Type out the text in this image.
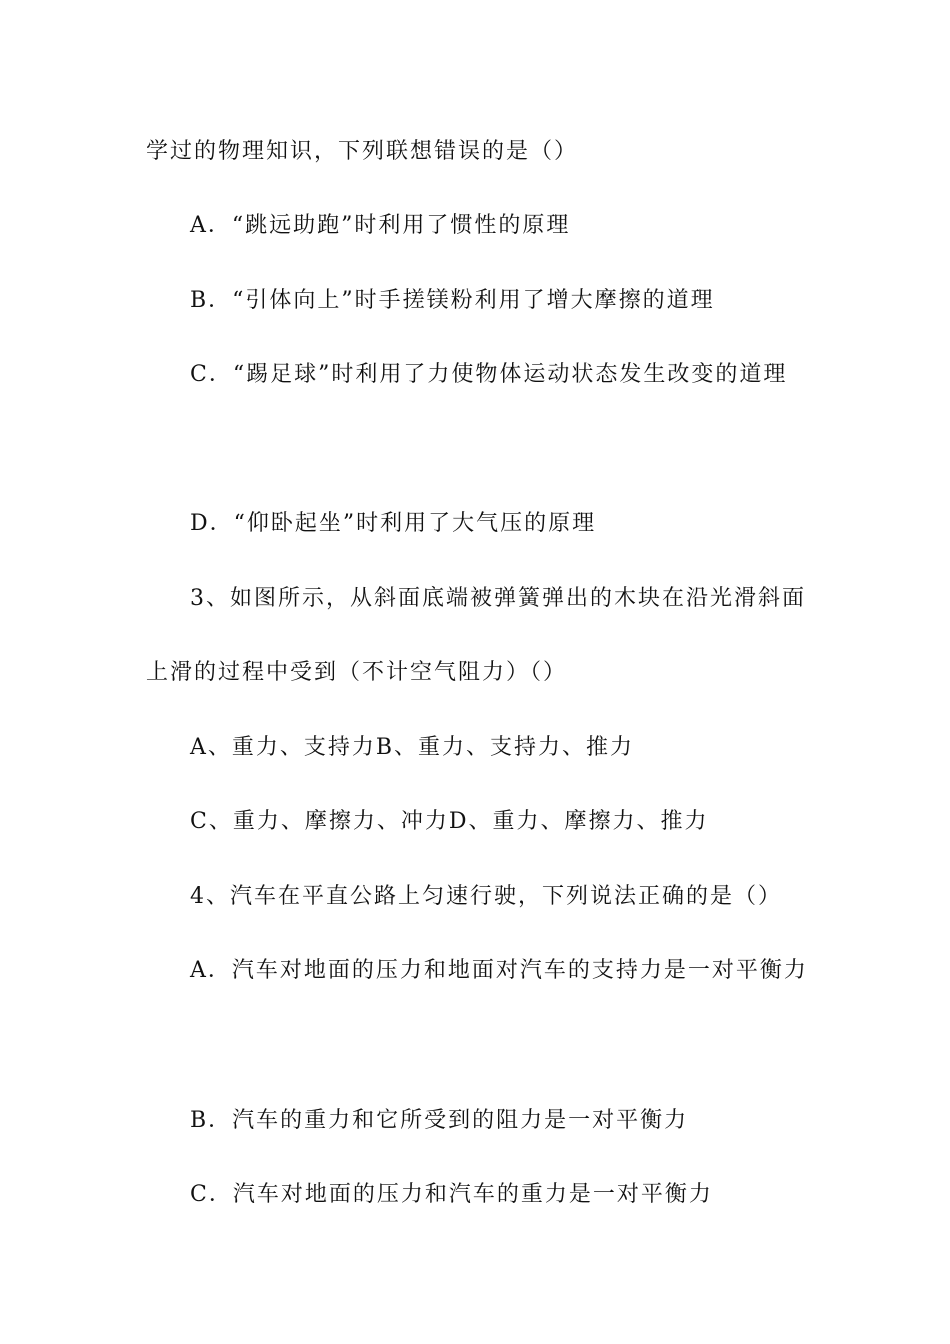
学过的物理知识，下列联想错误的是（）
A．“跳远助跑”时利用了惯性的原理
B．“引体向上”时手搓镁粉利用了增大摩擦的道理
C．“踢足球”时利用了力使物体运动状态发生改变的道理
D．“仰卧起坐”时利用了大气压的原理
3、如图所示，从斜面底端被弹簧弹出的木块在沿光滑斜面
上滑的过程中受到（不计空气阻力）（）
A、重力、支持力B、重力、支持力、推力
C、重力、摩擦力、冲力D、重力、摩擦力、推力
4、汽车在平直公路上匀速行驶，下列说法正确的是（）
A．汽车对地面的压力和地面对汽车的支持力是一对平衡力
B．汽车的重力和它所受到的阻力是一对平衡力
C．汽车对地面的压力和汽车的重力是一对平衡力
